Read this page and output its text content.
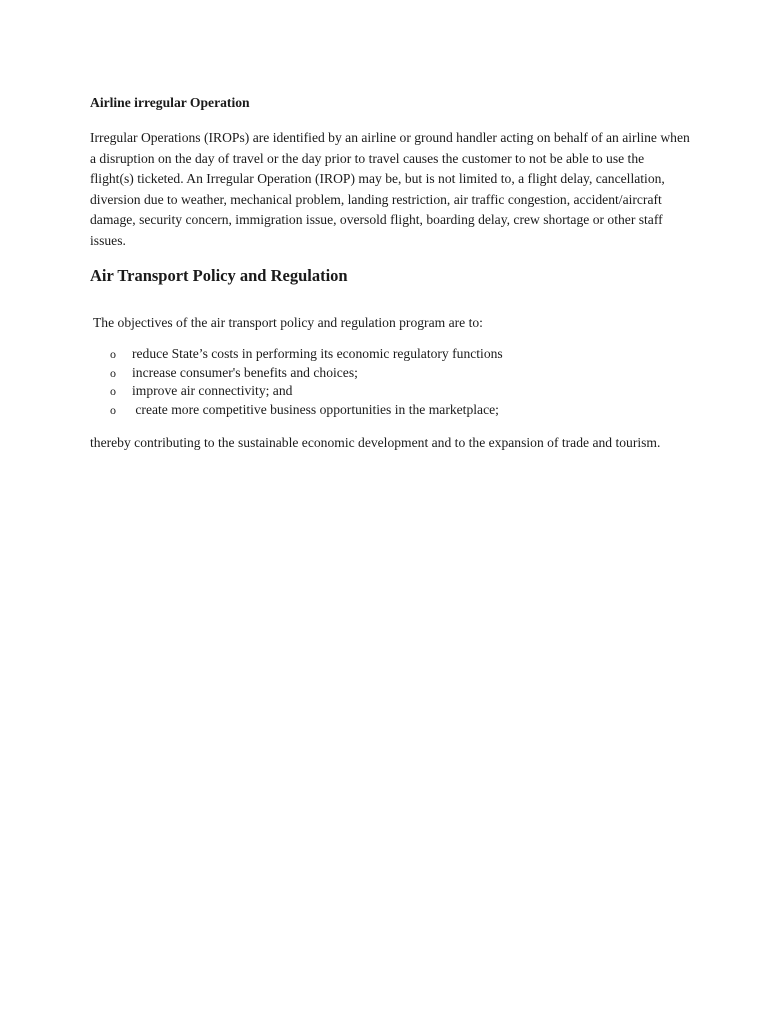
Airline irregular Operation

Irregular Operations (IROPs) are identified by an airline or ground handler acting on behalf of an airline when a disruption on the day of travel or the day prior to travel causes the customer to not be able to use the flight(s) ticketed. An Irregular Operation (IROP) may be, but is not limited to, a flight delay, cancellation, diversion due to weather, mechanical problem, landing restriction, air traffic congestion, accident/aircraft damage, security concern, immigration issue, oversold flight, boarding delay, crew shortage or other staff issues.

Air Transport Policy and Regulation

The objectives of the air transport policy and regulation program are to:

o	reduce State’s costs in performing its economic regulatory functions
o	increase consumer's benefits and choices;
o	improve air connectivity; and
o	create more competitive business opportunities in the marketplace;

thereby contributing to the sustainable economic development and to the expansion of trade and tourism.
